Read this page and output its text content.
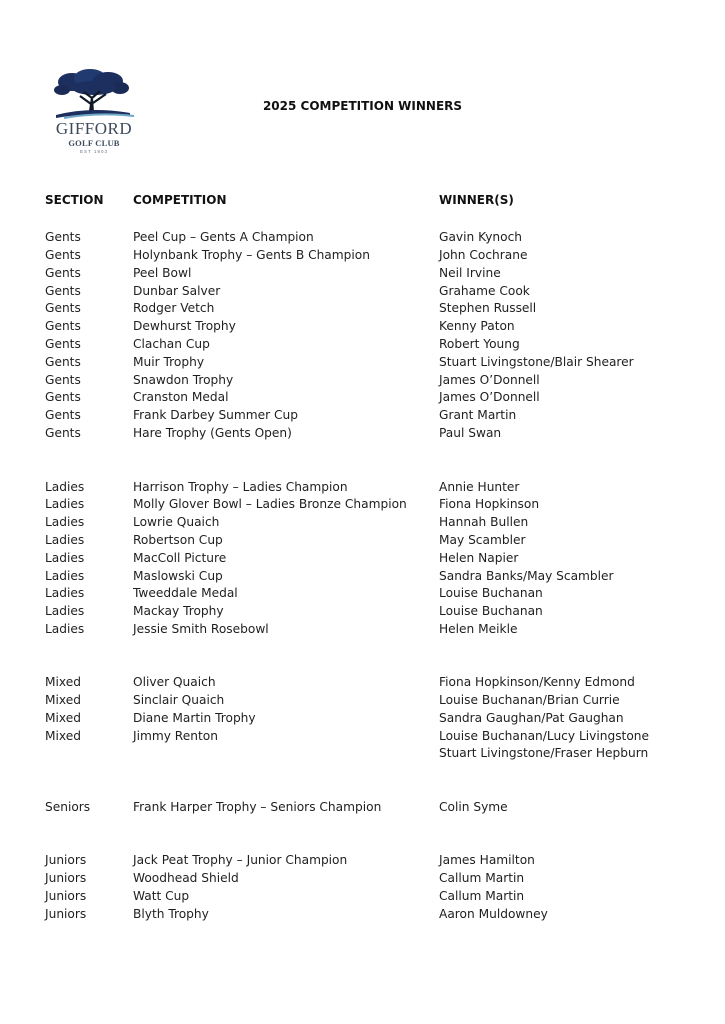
GIFFORD
GOLF CLUB
EST 1903
2025 COMPETITION WINNERS
SECTION COMPETITION	WINNER(S)
Gents	Peel Cup – Gents A Champion	Gavin Kynoch
Gents	Holynbank Trophy – Gents B Champion	John Cochrane
Gents	Peel Bowl	Neil Irvine
Gents	Dunbar Salver	Grahame Cook
Gents	Rodger Vetch	Stephen Russell
Gents	Dewhurst Trophy	Kenny Paton
Gents	Clachan Cup	Robert Young
Gents	Muir Trophy	Stuart Livingstone/Blair Shearer
Gents	Snawdon Trophy	James O’Donnell
Gents	Cranston Medal	James O’Donnell
Gents	Frank Darbey Summer Cup	Grant Martin
Gents	Hare Trophy (Gents Open)	Paul Swan
Ladies	Harrison Trophy – Ladies Champion	Annie Hunter
Ladies	Molly Glover Bowl – Ladies Bronze Champion	Fiona Hopkinson
Ladies	Lowrie Quaich	Hannah Bullen
Ladies	Robertson Cup	May Scambler
Ladies	MacColl Picture	Helen Napier
Ladies	Maslowski Cup	Sandra Banks/May Scambler
Ladies	Tweeddale Medal	Louise Buchanan
Ladies	Mackay Trophy	Louise Buchanan
Ladies	Jessie Smith Rosebowl	Helen Meikle
Mixed	Oliver Quaich	Fiona Hopkinson/Kenny Edmond
Mixed	Sinclair Quaich	Louise Buchanan/Brian Currie
Mixed	Diane Martin Trophy	Sandra Gaughan/Pat Gaughan
Mixed	Jimmy Renton	Louise Buchanan/Lucy Livingstone
Stuart Livingstone/Fraser Hepburn
Seniors	Frank Harper Trophy – Seniors Champion	Colin Syme
Juniors	Jack Peat Trophy – Junior Champion	James Hamilton
Juniors	Woodhead Shield	Callum Martin
Juniors	Watt Cup	Callum Martin
Juniors	Blyth Trophy	Aaron Muldowney
